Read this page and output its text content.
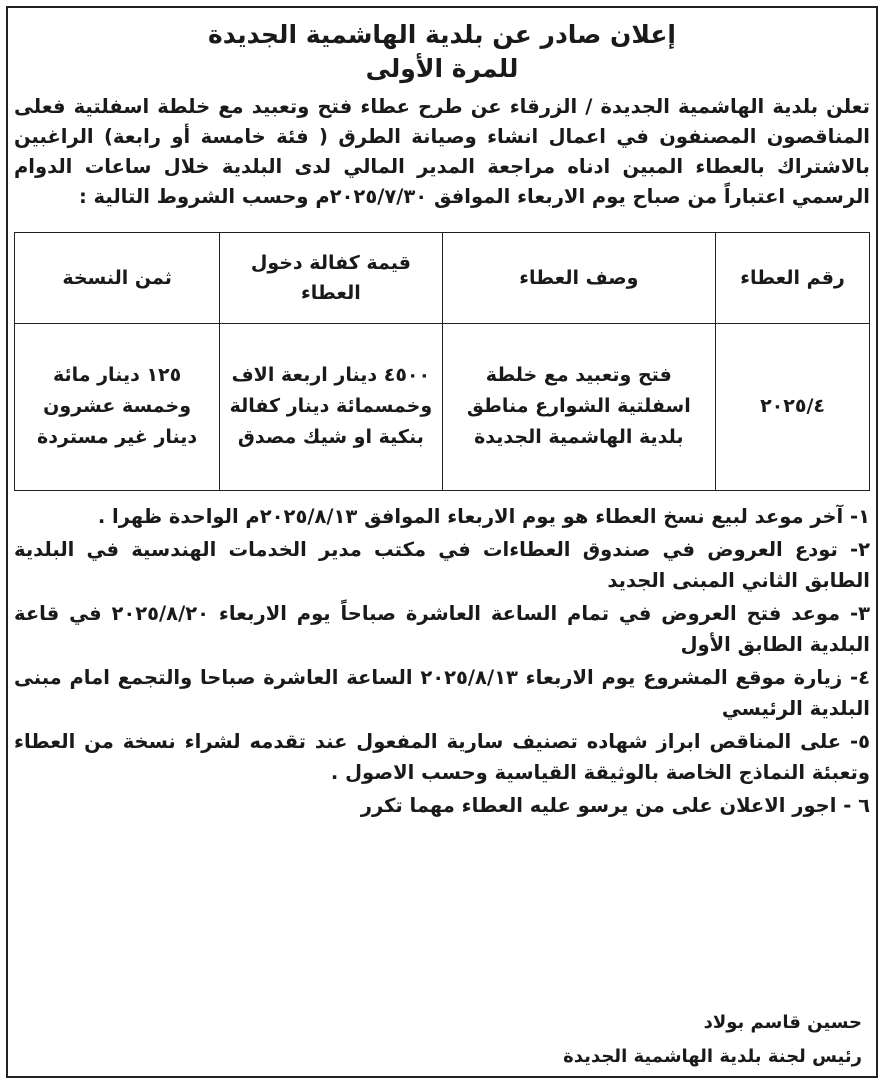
إعلان صادر عن بلدية الهاشمية الجديدة
للمرة الأولى

تعلن بلدية الهاشمية الجديدة / الزرقاء عن طرح عطاء فتح وتعبيد مع خلطة اسفلتية فعلى المناقصون المصنفون في اعمال انشاء وصيانة الطرق ( فئة خامسة أو رابعة) الراغبين بالاشتراك بالعطاء المبين ادناه مراجعة المدير المالي لدى البلدية خلال ساعات الدوام الرسمي اعتباراً من صباح يوم الاربعاء الموافق ٢٠٢٥/٧/٣٠م وحسب الشروط التالية :

رقم العطاء	وصف العطاء	قيمة كفالة دخول العطاء	ثمن النسخة
٢٠٢٥/٤	فتح وتعبيد مع خلطة اسفلتية الشوارع مناطق بلدية الهاشمية الجديدة	٤٥٠٠ دينار اربعة الاف وخمسمائة دينار كفالة بنكية او شيك مصدق	١٢٥ دينار مائة وخمسة عشرون دينار غير مستردة

١- آخر موعد لبيع نسخ العطاء هو يوم الاربعاء الموافق ٢٠٢٥/٨/١٣م الواحدة ظهرا .

٢- تودع العروض في صندوق العطاءات في مكتب مدير الخدمات الهندسية في البلدية الطابق الثاني المبنى الجديد

٣- موعد فتح العروض في تمام الساعة العاشرة صباحاً يوم الاربعاء ٢٠٢٥/٨/٢٠ في قاعة البلدية الطابق الأول

٤- زيارة موقع المشروع يوم الاربعاء ٢٠٢٥/٨/١٣ الساعة العاشرة صباحا والتجمع امام مبنى البلدية الرئيسي

٥- على المناقص ابراز شهاده تصنيف سارية المفعول عند تقدمه لشراء نسخة من العطاء وتعبئة النماذج الخاصة بالوثيقة القياسية وحسب الاصول .

٦ - اجور الاعلان على من يرسو عليه العطاء مهما تكرر

حسين قاسم بولاد
رئيس لجنة بلدية الهاشمية الجديدة
